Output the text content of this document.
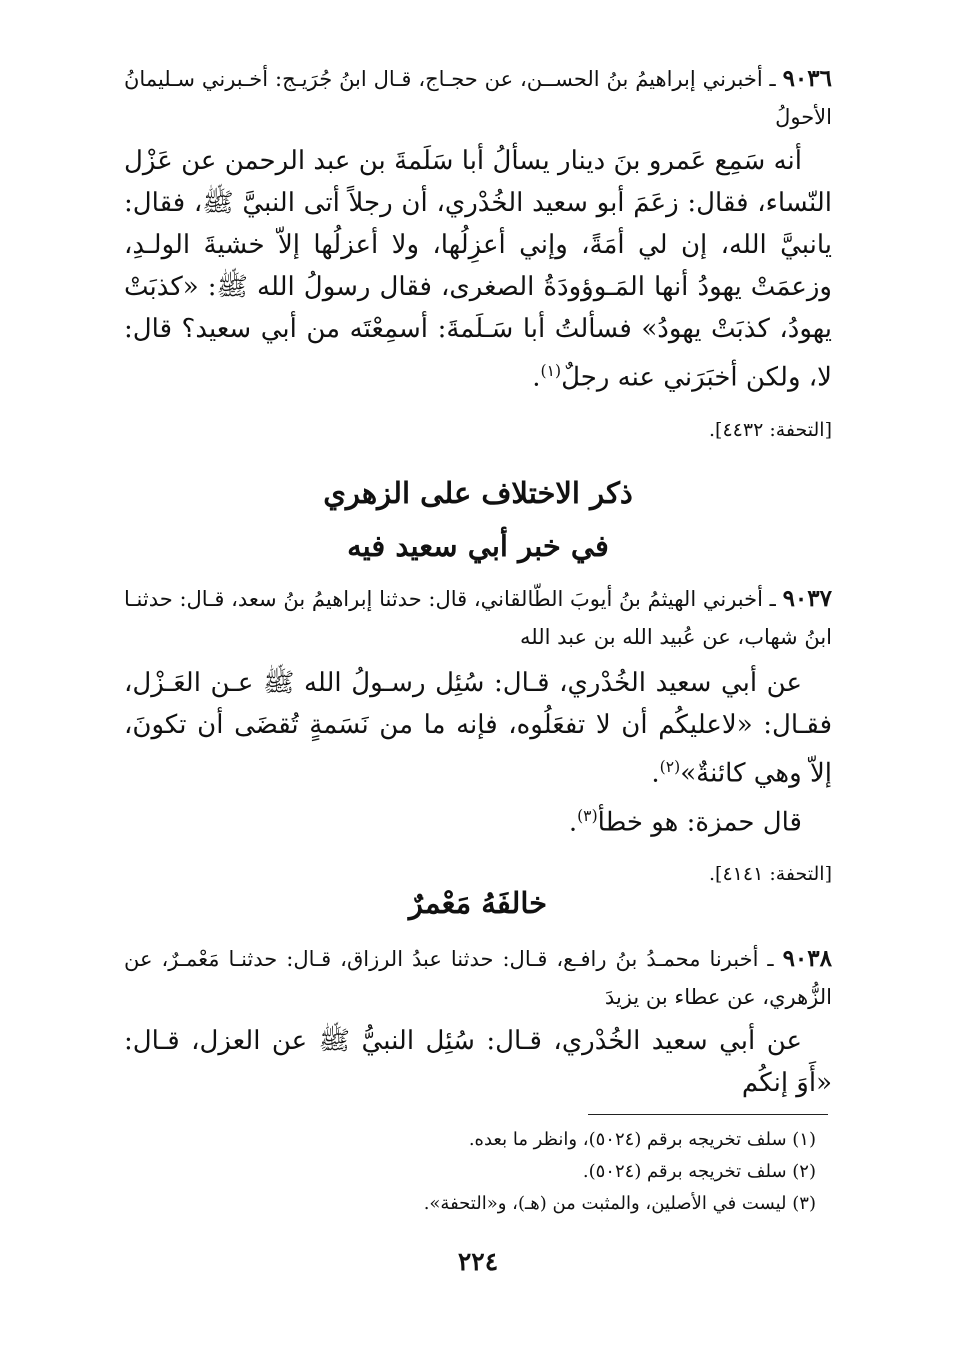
٩٠٣٦ ـ أخبرني إبراهيمُ بنُ الحســن، عن حجـاج، قـال ابنُ جُرَيـج: أخـبرني سـليمانُ الأحولُ
أنه سَمِع عَمرو بنَ دينار يسألُ أبا سَلَمةَ بن عبد الرحمن عن عَزْل النّساء، فقال: زعَمَ أبو سعيد الخُدْري، أن رجلاً أتى النبيَّ ﷺ، فقال: يانبيَّ الله، إن لي أمَةً، وإني أعزِلُها، ولا أعزلُها إلاّ خشيةَ الولـدِ، وزعمَتْ يهودُ أنها المَـوؤودَةُ الصغرى، فقال رسولُ الله ﷺ: «كذبَتْ يهودُ، كذبَتْ يهودُ» فسألتُ أبا سَـلَمةَ: أسمِعْتَه من أبي سعيد؟ قال: لا، ولكن أخبَرَني عنه رجلٌ$^{(١)}$.
[التحفة: ٤٤٣٢].
ذكر الاختلاف على الزهري
في خبر أبي سعيد فيه
٩٠٣٧ ـ أخبرني الهيثمُ بنُ أيوبَ الطّالقاني، قال: حدثنا إبراهيمُ بنُ سعد، قـال: حدثنـا ابنُ شهاب، عن عُبيد الله بن عبد الله
عن أبي سعيد الخُدْري، قـال: سُئِل رسـولُ الله ﷺ عـن العَـزْل، فقـال: «لاعليكُم أن لا تفعَلُوه، فإنه ما من نَسَمةٍ تُقضَى أن تكونَ، إلاّ وهي كائنةٌ»$^{(٢)}$.
قال حمزة: هو خطأ$^{(٣)}$.
[التحفة: ٤١٤١].
خالفَهُ مَعْمرٌ
٩٠٣٨ ـ أخبرنا محمـدُ بنُ رافـع، قـال: حدثنا عبدُ الرزاق، قـال: حدثنـا مَعْمـرٌ، عن الزُّهري، عن عطاء بن يزيدَ
عن أبي سعيد الخُدْري، قـال: سُئِل النبيُّ ﷺ عن العزل، قـال: «أَوَ إنكُم
(١) سلف تخريجه برقم (٥٠٢٤)، وانظر ما بعده.
(٢) سلف تخريجه برقم (٥٠٢٤).
(٣) ليست في الأصلين، والمثبت من (هـ)، و«التحفة».
٢٢٤
